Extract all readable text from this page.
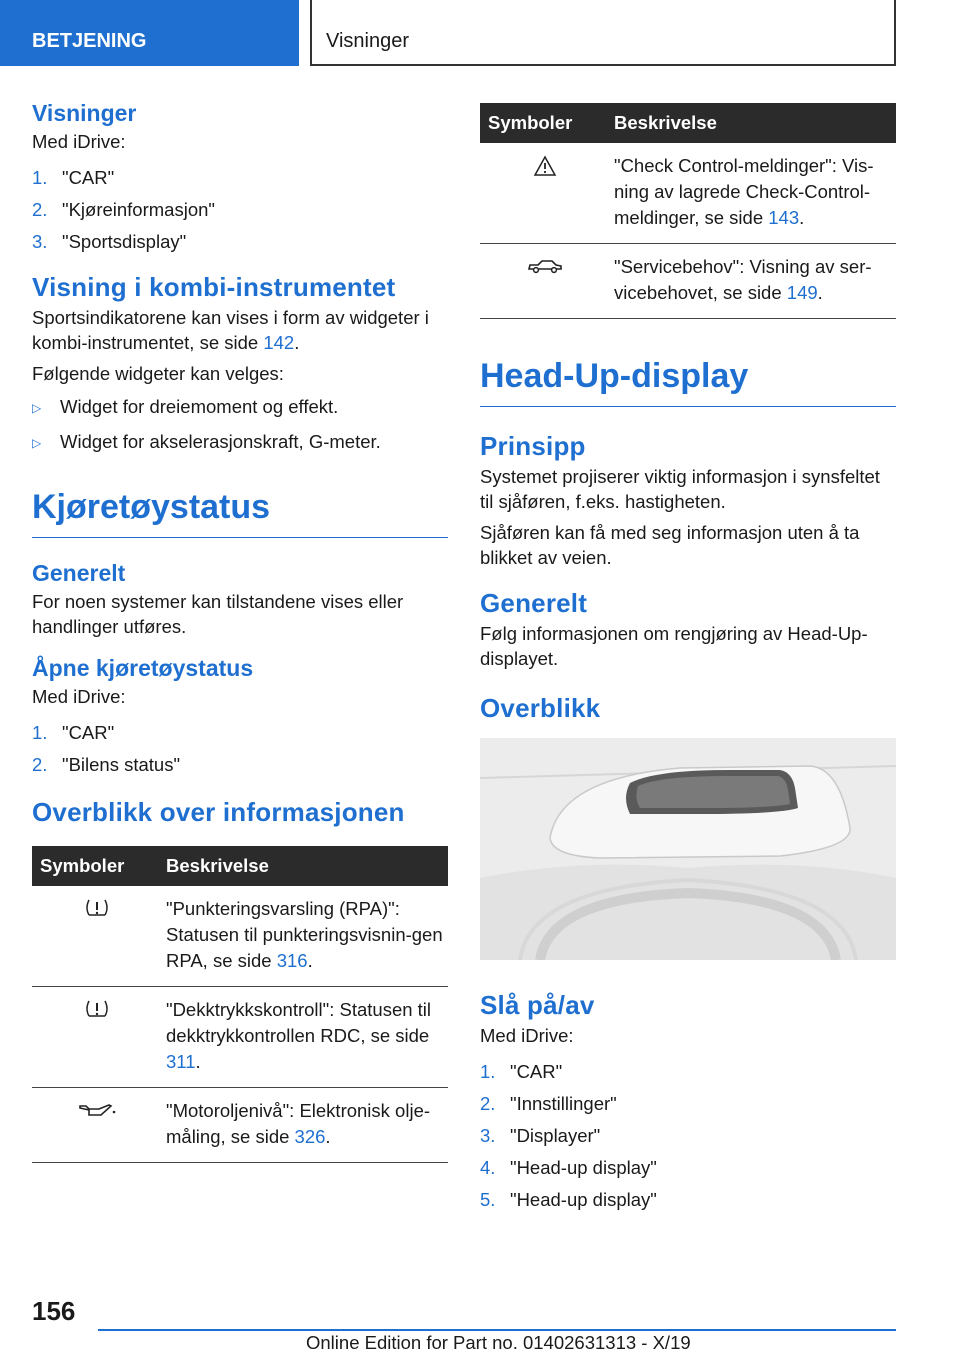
BETJENING	Visninger
Visninger
Med iDrive:
1. "CAR"
2. "Kjøreinformasjon"
3. "Sportsdisplay"
Visning i kombi-instrumentet
Sportsindikatorene kan vises i form av widgeter i kombi-instrumentet, se side 142.
Følgende widgeter kan velges:
▷	Widget for dreiemoment og effekt.
▷	Widget for akselerasjonskraft, G-meter.
Kjøretøystatus
Generelt
For noen systemer kan tilstandene vises eller handlinger utføres.
Åpne kjøretøystatus
Med iDrive:
1. "CAR"
2. "Bilens status"
Overblikk over informasjonen
Symboler	Beskrivelse
	"Punkteringsvarsling (RPA)": Statusen til punkteringsvisnin-gen RPA, se side 316.
	"Dekktrykkskontroll": Statusen til dekktrykkontrollen RDC, se side 311.
	"Motoroljenivå": Elektronisk olje-måling, se side 326.
Symboler	Beskrivelse
	"Check Control-meldinger": Vis-ning av lagrede Check-Control-meldinger, se side 143.
	"Servicebehov": Visning av ser-vicebehovet, se side 149.
Head-Up-display
Prinsipp
Systemet projiserer viktig informasjon i synsfeltet til sjåføren, f.eks. hastigheten.
Sjåføren kan få med seg informasjon uten å ta blikket av veien.
Generelt
Følg informasjonen om rengjøring av Head-Up-displayet.
Overblikk
Slå på/av
Med iDrive:
1. "CAR"
2. "Innstillinger"
3. "Displayer"
4. "Head-up display"
5. "Head-up display"
156
Online Edition for Part no. 01402631313 - X/19
